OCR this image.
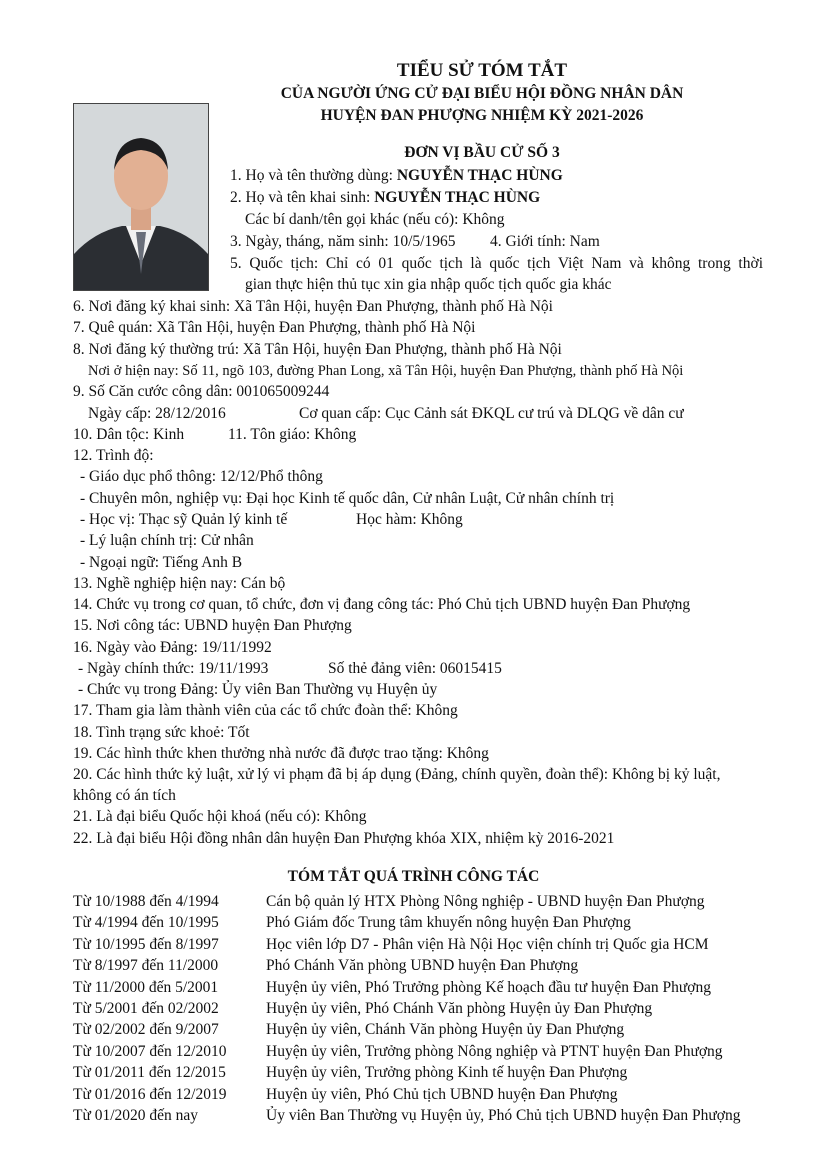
TIỂU SỬ TÓM TẮT
CỦA NGƯỜI ỨNG CỬ ĐẠI BIỂU HỘI ĐỒNG NHÂN DÂN
HUYỆN ĐAN PHƯỢNG NHIỆM KỲ 2021-2026
ĐƠN VỊ BẦU CỬ SỐ 3
1. Họ và tên thường dùng: NGUYỄN THẠC HÙNG
2. Họ và tên khai sinh: NGUYỄN THẠC HÙNG
Các bí danh/tên gọi khác (nếu có): Không
3. Ngày, tháng, năm sinh: 10/5/1965 4. Giới tính: Nam
5. Quốc tịch: Chỉ có 01 quốc tịch là quốc tịch Việt Nam và không trong thời
gian thực hiện thủ tục xin gia nhập quốc tịch quốc gia khác
6. Nơi đăng ký khai sinh: Xã Tân Hội, huyện Đan Phượng, thành phố Hà Nội
7. Quê quán: Xã Tân Hội, huyện Đan Phượng, thành phố Hà Nội
8. Nơi đăng ký thường trú: Xã Tân Hội, huyện Đan Phượng, thành phố Hà Nội
Nơi ở hiện nay: Số 11, ngõ 103, đường Phan Long, xã Tân Hội, huyện Đan Phượng, thành phố Hà Nội
9. Số Căn cước công dân: 001065009244
Ngày cấp: 28/12/2016	Cơ quan cấp: Cục Cảnh sát ĐKQL cư trú và DLQG về dân cư
10. Dân tộc: Kinh	11. Tôn giáo: Không
12. Trình độ:
- Giáo dục phổ thông: 12/12/Phổ thông
- Chuyên môn, nghiệp vụ: Đại học Kinh tế quốc dân, Cử nhân Luật, Cử nhân chính trị
- Học vị: Thạc sỹ Quản lý kinh tế	Học hàm: Không
- Lý luận chính trị: Cử nhân
- Ngoại ngữ: Tiếng Anh B
13. Nghề nghiệp hiện nay: Cán bộ
14. Chức vụ trong cơ quan, tổ chức, đơn vị đang công tác: Phó Chủ tịch UBND huyện Đan Phượng
15. Nơi công tác: UBND huyện Đan Phượng
16. Ngày vào Đảng: 19/11/1992
- Ngày chính thức: 19/11/1993	Số thẻ đảng viên: 06015415
- Chức vụ trong Đảng: Ủy viên Ban Thường vụ Huyện ủy
17. Tham gia làm thành viên của các tổ chức đoàn thể: Không
18. Tình trạng sức khoẻ: Tốt
19. Các hình thức khen thưởng nhà nước đã được trao tặng: Không
20. Các hình thức kỷ luật, xử lý vi phạm đã bị áp dụng (Đảng, chính quyền, đoàn thể): Không bị kỷ luật,
không có án tích
21. Là đại biểu Quốc hội khoá (nếu có): Không
22. Là đại biểu Hội đồng nhân dân huyện Đan Phượng khóa XIX, nhiệm kỳ 2016-2021
TÓM TẮT QUÁ TRÌNH CÔNG TÁC
Từ 10/1988 đến 4/1994	Cán bộ quản lý HTX Phòng Nông nghiệp - UBND huyện Đan Phượng
Từ 4/1994 đến 10/1995	Phó Giám đốc Trung tâm khuyến nông huyện Đan Phượng
Từ 10/1995 đến 8/1997	Học viên lớp D7 - Phân viện Hà Nội Học viện chính trị Quốc gia HCM
Từ 8/1997 đến 11/2000	Phó Chánh Văn phòng UBND huyện Đan Phượng
Từ 11/2000 đến 5/2001	Huyện ủy viên, Phó Trưởng phòng Kế hoạch đầu tư huyện Đan Phượng
Từ 5/2001 đến 02/2002	Huyện ủy viên, Phó Chánh Văn phòng Huyện ủy Đan Phượng
Từ 02/2002 đến 9/2007	Huyện ủy viên, Chánh Văn phòng Huyện ủy Đan Phượng
Từ 10/2007 đến 12/2010	Huyện ủy viên, Trưởng phòng Nông nghiệp và PTNT huyện Đan Phượng
Từ 01/2011 đến 12/2015	Huyện ủy viên, Trưởng phòng Kinh tế huyện Đan Phượng
Từ 01/2016 đến 12/2019	Huyện ủy viên, Phó Chủ tịch UBND huyện Đan Phượng
Từ 01/2020 đến nay	Ủy viên Ban Thường vụ Huyện ủy, Phó Chủ tịch UBND huyện Đan Phượng
